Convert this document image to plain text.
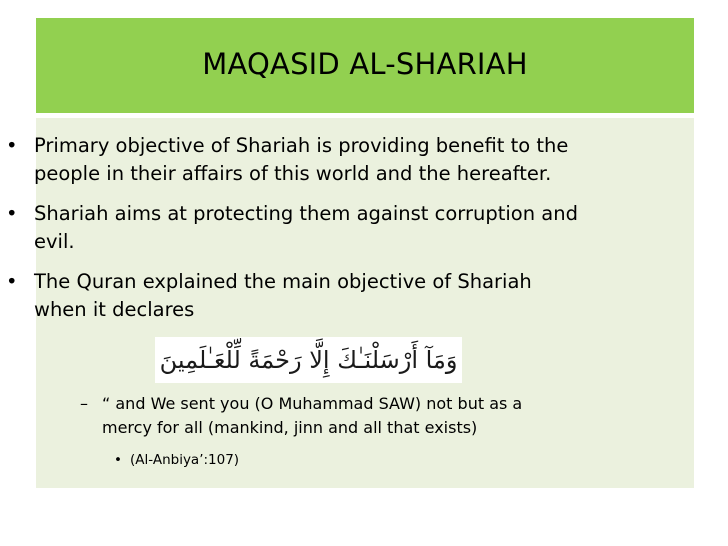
MAQASID AL-SHARIAH
• Primary objective of Shariah is providing benefit to the
people in their affairs of this world and the hereafter.
• Shariah aims at protecting them against corruption and
evil.
• The Quran explained the main objective of Shariah
when it declares
وَمَآ أَرْسَلْنَـٰكَ إِلَّا رَحْمَةً لِّلْعَـٰلَمِينَ
– “ and We sent you (O Muhammad SAW) not but as a
mercy for all (mankind, jinn and all that exists)
• (Al-Anbiya’:107)
